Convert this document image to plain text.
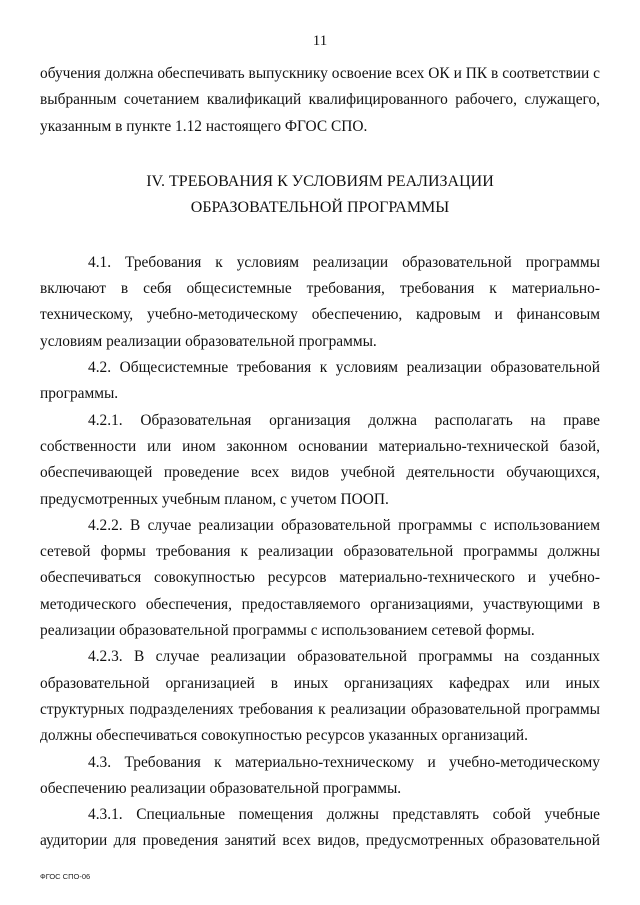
11

обучения должна обеспечивать выпускнику освоение всех ОК и ПК в соответствии с выбранным сочетанием квалификаций квалифицированного рабочего, служащего, указанным в пункте 1.12 настоящего ФГОС СПО.

IV. ТРЕБОВАНИЯ К УСЛОВИЯМ РЕАЛИЗАЦИИ
ОБРАЗОВАТЕЛЬНОЙ ПРОГРАММЫ

4.1. Требования к условиям реализации образовательной программы включают в себя общесистемные требования, требования к материально-техническому, учебно-методическому обеспечению, кадровым и финансовым условиям реализации образовательной программы.

4.2. Общесистемные требования к условиям реализации образовательной программы.

4.2.1. Образовательная организация должна располагать на праве собственности или ином законном основании материально-технической базой, обеспечивающей проведение всех видов учебной деятельности обучающихся, предусмотренных учебным планом, с учетом ПООП.

4.2.2. В случае реализации образовательной программы с использованием сетевой формы требования к реализации образовательной программы должны обеспечиваться совокупностью ресурсов материально-технического и учебно-методического обеспечения, предоставляемого организациями, участвующими в реализации образовательной программы с использованием сетевой формы.

4.2.3. В случае реализации образовательной программы на созданных образовательной организацией в иных организациях кафедрах или иных структурных подразделениях требования к реализации образовательной программы должны обеспечиваться совокупностью ресурсов указанных организаций.

4.3. Требования к материально-техническому и учебно-методическому обеспечению реализации образовательной программы.

4.3.1. Специальные помещения должны представлять собой учебные аудитории для проведения занятий всех видов, предусмотренных образовательной

ФГОС СПО-06
